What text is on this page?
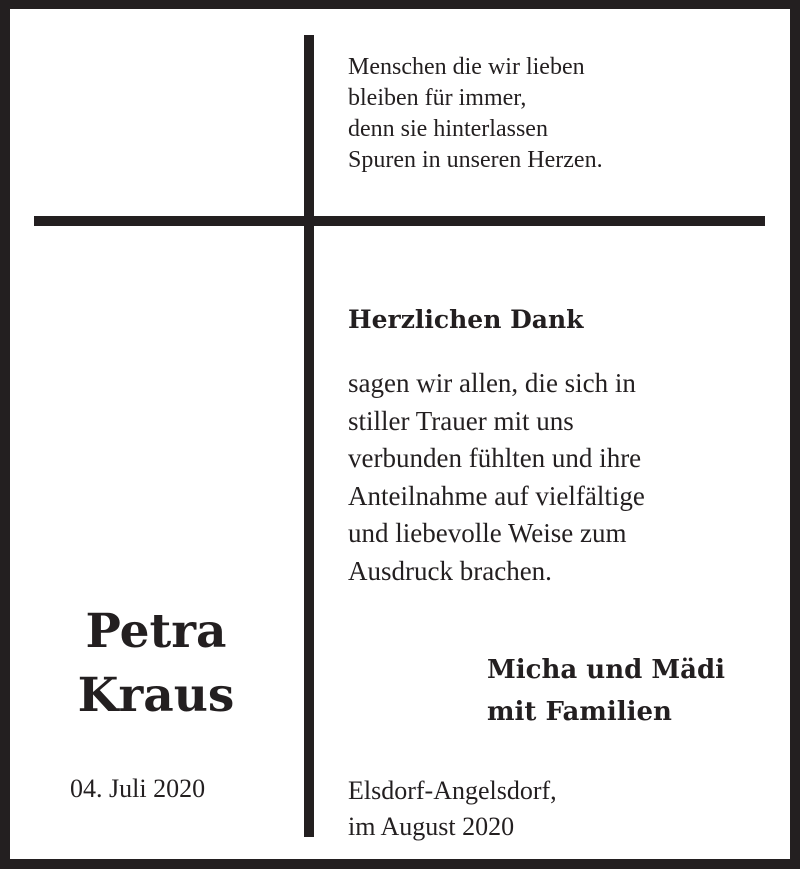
Menschen die wir lieben
bleiben für immer,
denn sie hinterlassen
Spuren in unseren Herzen.
Herzlichen Dank
sagen wir allen, die sich in
stiller Trauer mit uns
verbunden fühlten und ihre
Anteilnahme auf vielfältige
und liebevolle Weise zum
Ausdruck brachen.
Petra
Kraus
04. Juli 2020
Micha und Mädi
mit Familien
Elsdorf-Angelsdorf,
im August 2020
